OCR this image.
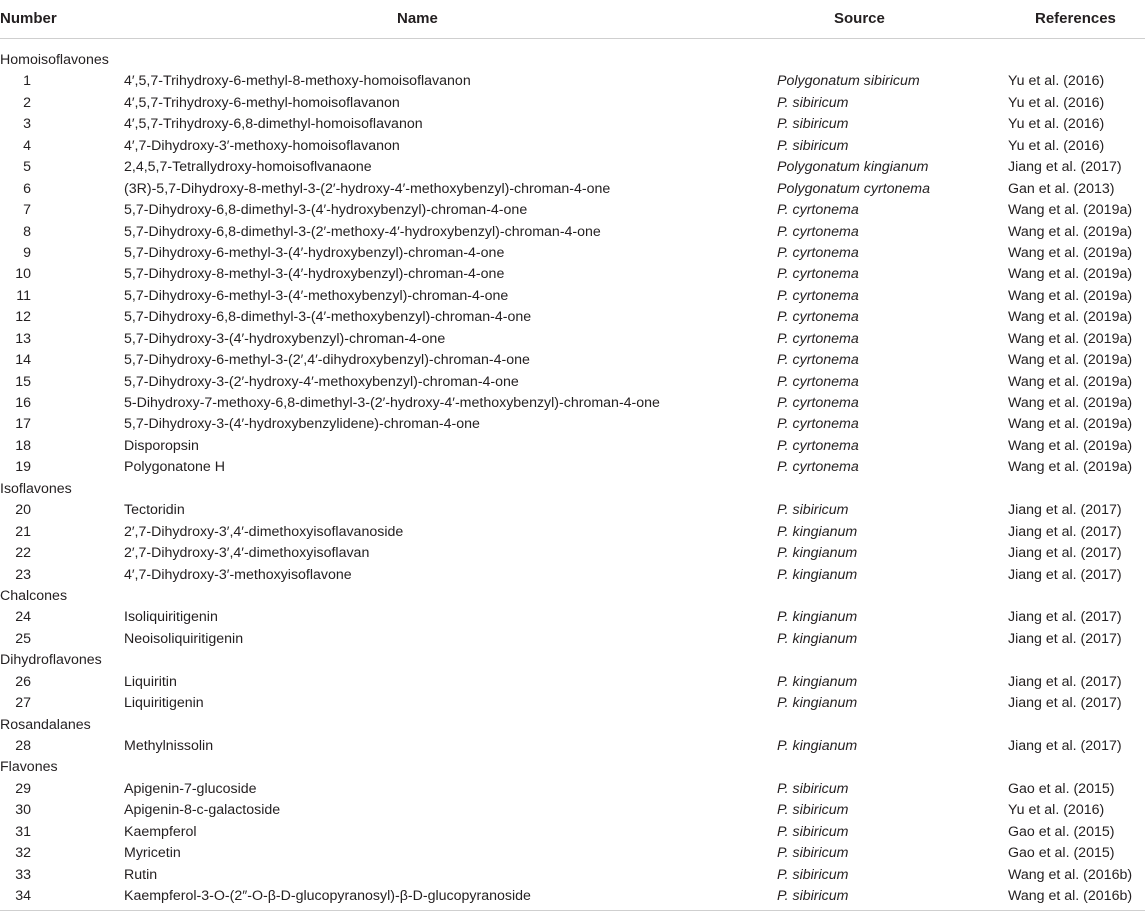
Number	Name	Source	References
Homoisoflavones
1	4′,5,7-Trihydroxy-6-methyl-8-methoxy-homoisoflavanon	Polygonatum sibiricum	Yu et al. (2016)
2	4′,5,7-Trihydroxy-6-methyl-homoisoflavanon	P. sibiricum	Yu et al. (2016)
3	4′,5,7-Trihydroxy-6,8-dimethyl-homoisoflavanon	P. sibiricum	Yu et al. (2016)
4	4′,7-Dihydroxy-3′-methoxy-homoisoflavanon	P. sibiricum	Yu et al. (2016)
5	2,4,5,7-Tetrallydroxy-homoisoflvanaone	Polygonatum kingianum	Jiang et al. (2017)
6	(3R)-5,7-Dihydroxy-8-methyl-3-(2′-hydroxy-4′-methoxybenzyl)-chroman-4-one	Polygonatum cyrtonema	Gan et al. (2013)
7	5,7-Dihydroxy-6,8-dimethyl-3-(4′-hydroxybenzyl)-chroman-4-one	P. cyrtonema	Wang et al. (2019a)
8	5,7-Dihydroxy-6,8-dimethyl-3-(2′-methoxy-4′-hydroxybenzyl)-chroman-4-one	P. cyrtonema	Wang et al. (2019a)
9	5,7-Dihydroxy-6-methyl-3-(4′-hydroxybenzyl)-chroman-4-one	P. cyrtonema	Wang et al. (2019a)
10	5,7-Dihydroxy-8-methyl-3-(4′-hydroxybenzyl)-chroman-4-one	P. cyrtonema	Wang et al. (2019a)
11	5,7-Dihydroxy-6-methyl-3-(4′-methoxybenzyl)-chroman-4-one	P. cyrtonema	Wang et al. (2019a)
12	5,7-Dihydroxy-6,8-dimethyl-3-(4′-methoxybenzyl)-chroman-4-one	P. cyrtonema	Wang et al. (2019a)
13	5,7-Dihydroxy-3-(4′-hydroxybenzyl)-chroman-4-one	P. cyrtonema	Wang et al. (2019a)
14	5,7-Dihydroxy-6-methyl-3-(2′,4′-dihydroxybenzyl)-chroman-4-one	P. cyrtonema	Wang et al. (2019a)
15	5,7-Dihydroxy-3-(2′-hydroxy-4′-methoxybenzyl)-chroman-4-one	P. cyrtonema	Wang et al. (2019a)
16	5-Dihydroxy-7-methoxy-6,8-dimethyl-3-(2′-hydroxy-4′-methoxybenzyl)-chroman-4-one	P. cyrtonema	Wang et al. (2019a)
17	5,7-Dihydroxy-3-(4′-hydroxybenzylidene)-chroman-4-one	P. cyrtonema	Wang et al. (2019a)
18	Disporopsin	P. cyrtonema	Wang et al. (2019a)
19	Polygonatone H	P. cyrtonema	Wang et al. (2019a)
Isoflavones
20	Tectoridin	P. sibiricum	Jiang et al. (2017)
21	2′,7-Dihydroxy-3′,4′-dimethoxyisoflavanoside	P. kingianum	Jiang et al. (2017)
22	2′,7-Dihydroxy-3′,4′-dimethoxyisoflavan	P. kingianum	Jiang et al. (2017)
23	4′,7-Dihydroxy-3′-methoxyisoflavone	P. kingianum	Jiang et al. (2017)
Chalcones
24	Isoliquiritigenin	P. kingianum	Jiang et al. (2017)
25	Neoisoliquiritigenin	P. kingianum	Jiang et al. (2017)
Dihydroflavones
26	Liquiritin	P. kingianum	Jiang et al. (2017)
27	Liquiritigenin	P. kingianum	Jiang et al. (2017)
Rosandalanes
28	Methylnissolin	P. kingianum	Jiang et al. (2017)
Flavones
29	Apigenin-7-glucoside	P. sibiricum	Gao et al. (2015)
30	Apigenin-8-c-galactoside	P. sibiricum	Yu et al. (2016)
31	Kaempferol	P. sibiricum	Gao et al. (2015)
32	Myricetin	P. sibiricum	Gao et al. (2015)
33	Rutin	P. sibiricum	Wang et al. (2016b)
34	Kaempferol-3-O-(2″-O-β-D-glucopyranosyl)-β-D-glucopyranoside	P. sibiricum	Wang et al. (2016b)
